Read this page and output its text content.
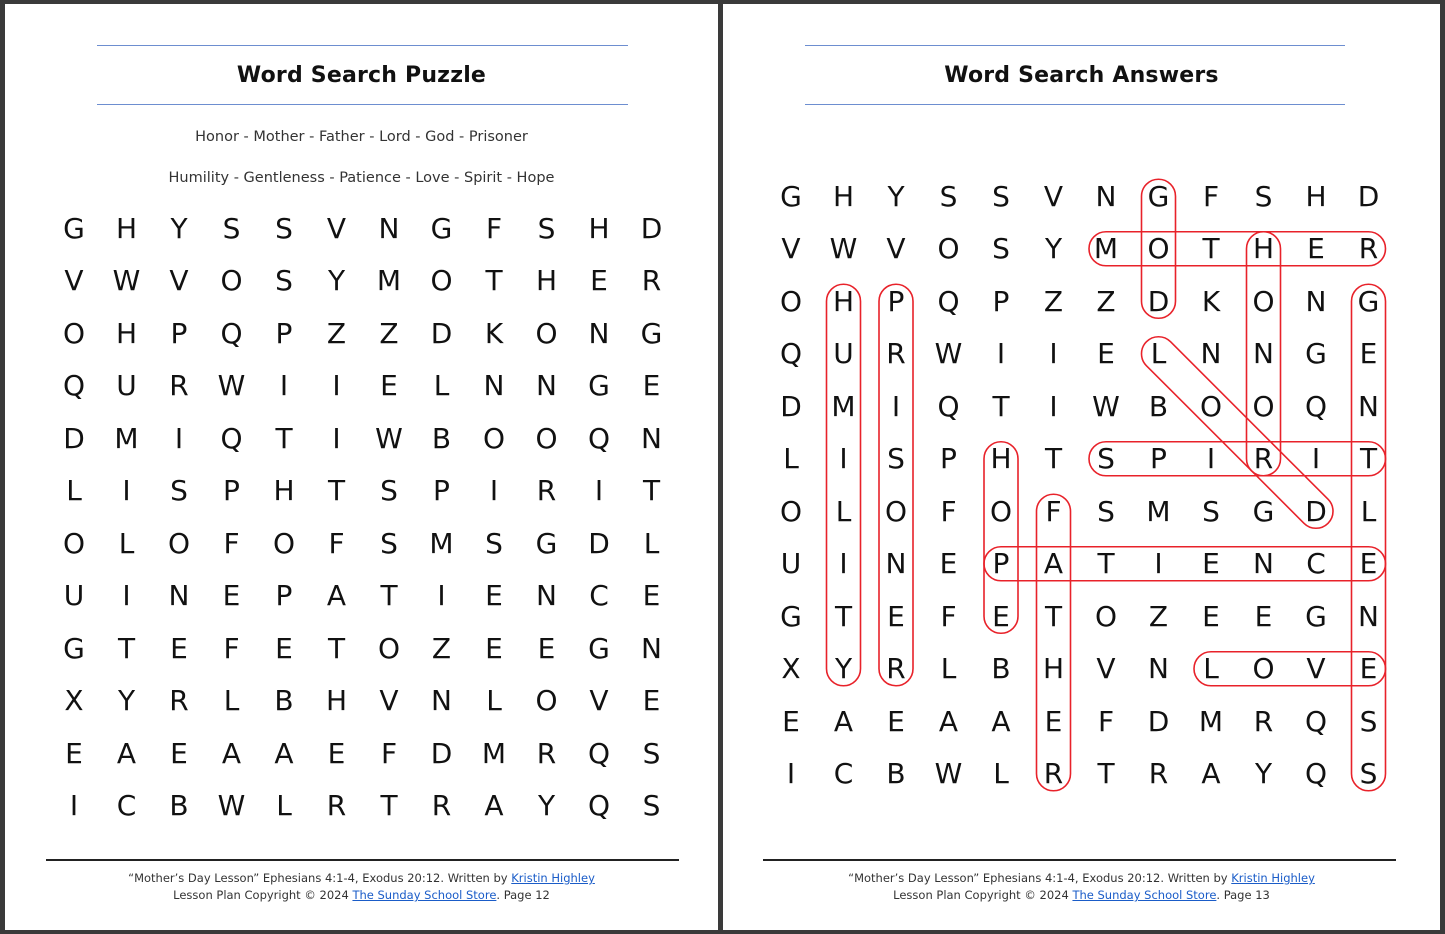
Word Search Puzzle
Honor - Mother - Father - Lord - God - Prisoner
Humility - Gentleness - Patience - Love - Spirit - Hope
G	H	Y	S	S	V	N	G	F	S	H	D
V	W	V	O	S	Y	M	O	T	H	E	R
O	H	P	Q	P	Z	Z	D	K	O	N	G
Q	U	R	W	I	I	E	L	N	N	G	E
D	M	I	Q	T	I	W	B	O	O	Q	N
L	I	S	P	H	T	S	P	I	R	I	T
O	L	O	F	O	F	S	M	S	G	D	L
U	I	N	E	P	A	T	I	E	N	C	E
G	T	E	F	E	T	O	Z	E	E	G	N
X	Y	R	L	B	H	V	N	L	O	V	E
E	A	E	A	A	E	F	D	M	R	Q	S
I	C	B	W	L	R	T	R	A	Y	Q	S
“Mother’s Day Lesson” Ephesians 4:1-4, Exodus 20:12. Written by Kristin Highley
Lesson Plan Copyright © 2024 The Sunday School Store. Page 12
Word Search Answers
G	H	Y	S	S	V	N	G	F	S	H	D
V	W	V	O	S	Y	M	O	T	H	E	R
O	H	P	Q	P	Z	Z	D	K	O	N	G
Q	U	R	W	I	I	E	L	N	N	G	E
D	M	I	Q	T	I	W	B	O	O	Q	N
L	I	S	P	H	T	S	P	I	R	I	T
O	L	O	F	O	F	S	M	S	G	D	L
U	I	N	E	P	A	T	I	E	N	C	E
G	T	E	F	E	T	O	Z	E	E	G	N
X	Y	R	L	B	H	V	N	L	O	V	E
E	A	E	A	A	E	F	D	M	R	Q	S
I	C	B	W	L	R	T	R	A	Y	Q	S
“Mother’s Day Lesson” Ephesians 4:1-4, Exodus 20:12. Written by Kristin Highley
Lesson Plan Copyright © 2024 The Sunday School Store. Page 13
